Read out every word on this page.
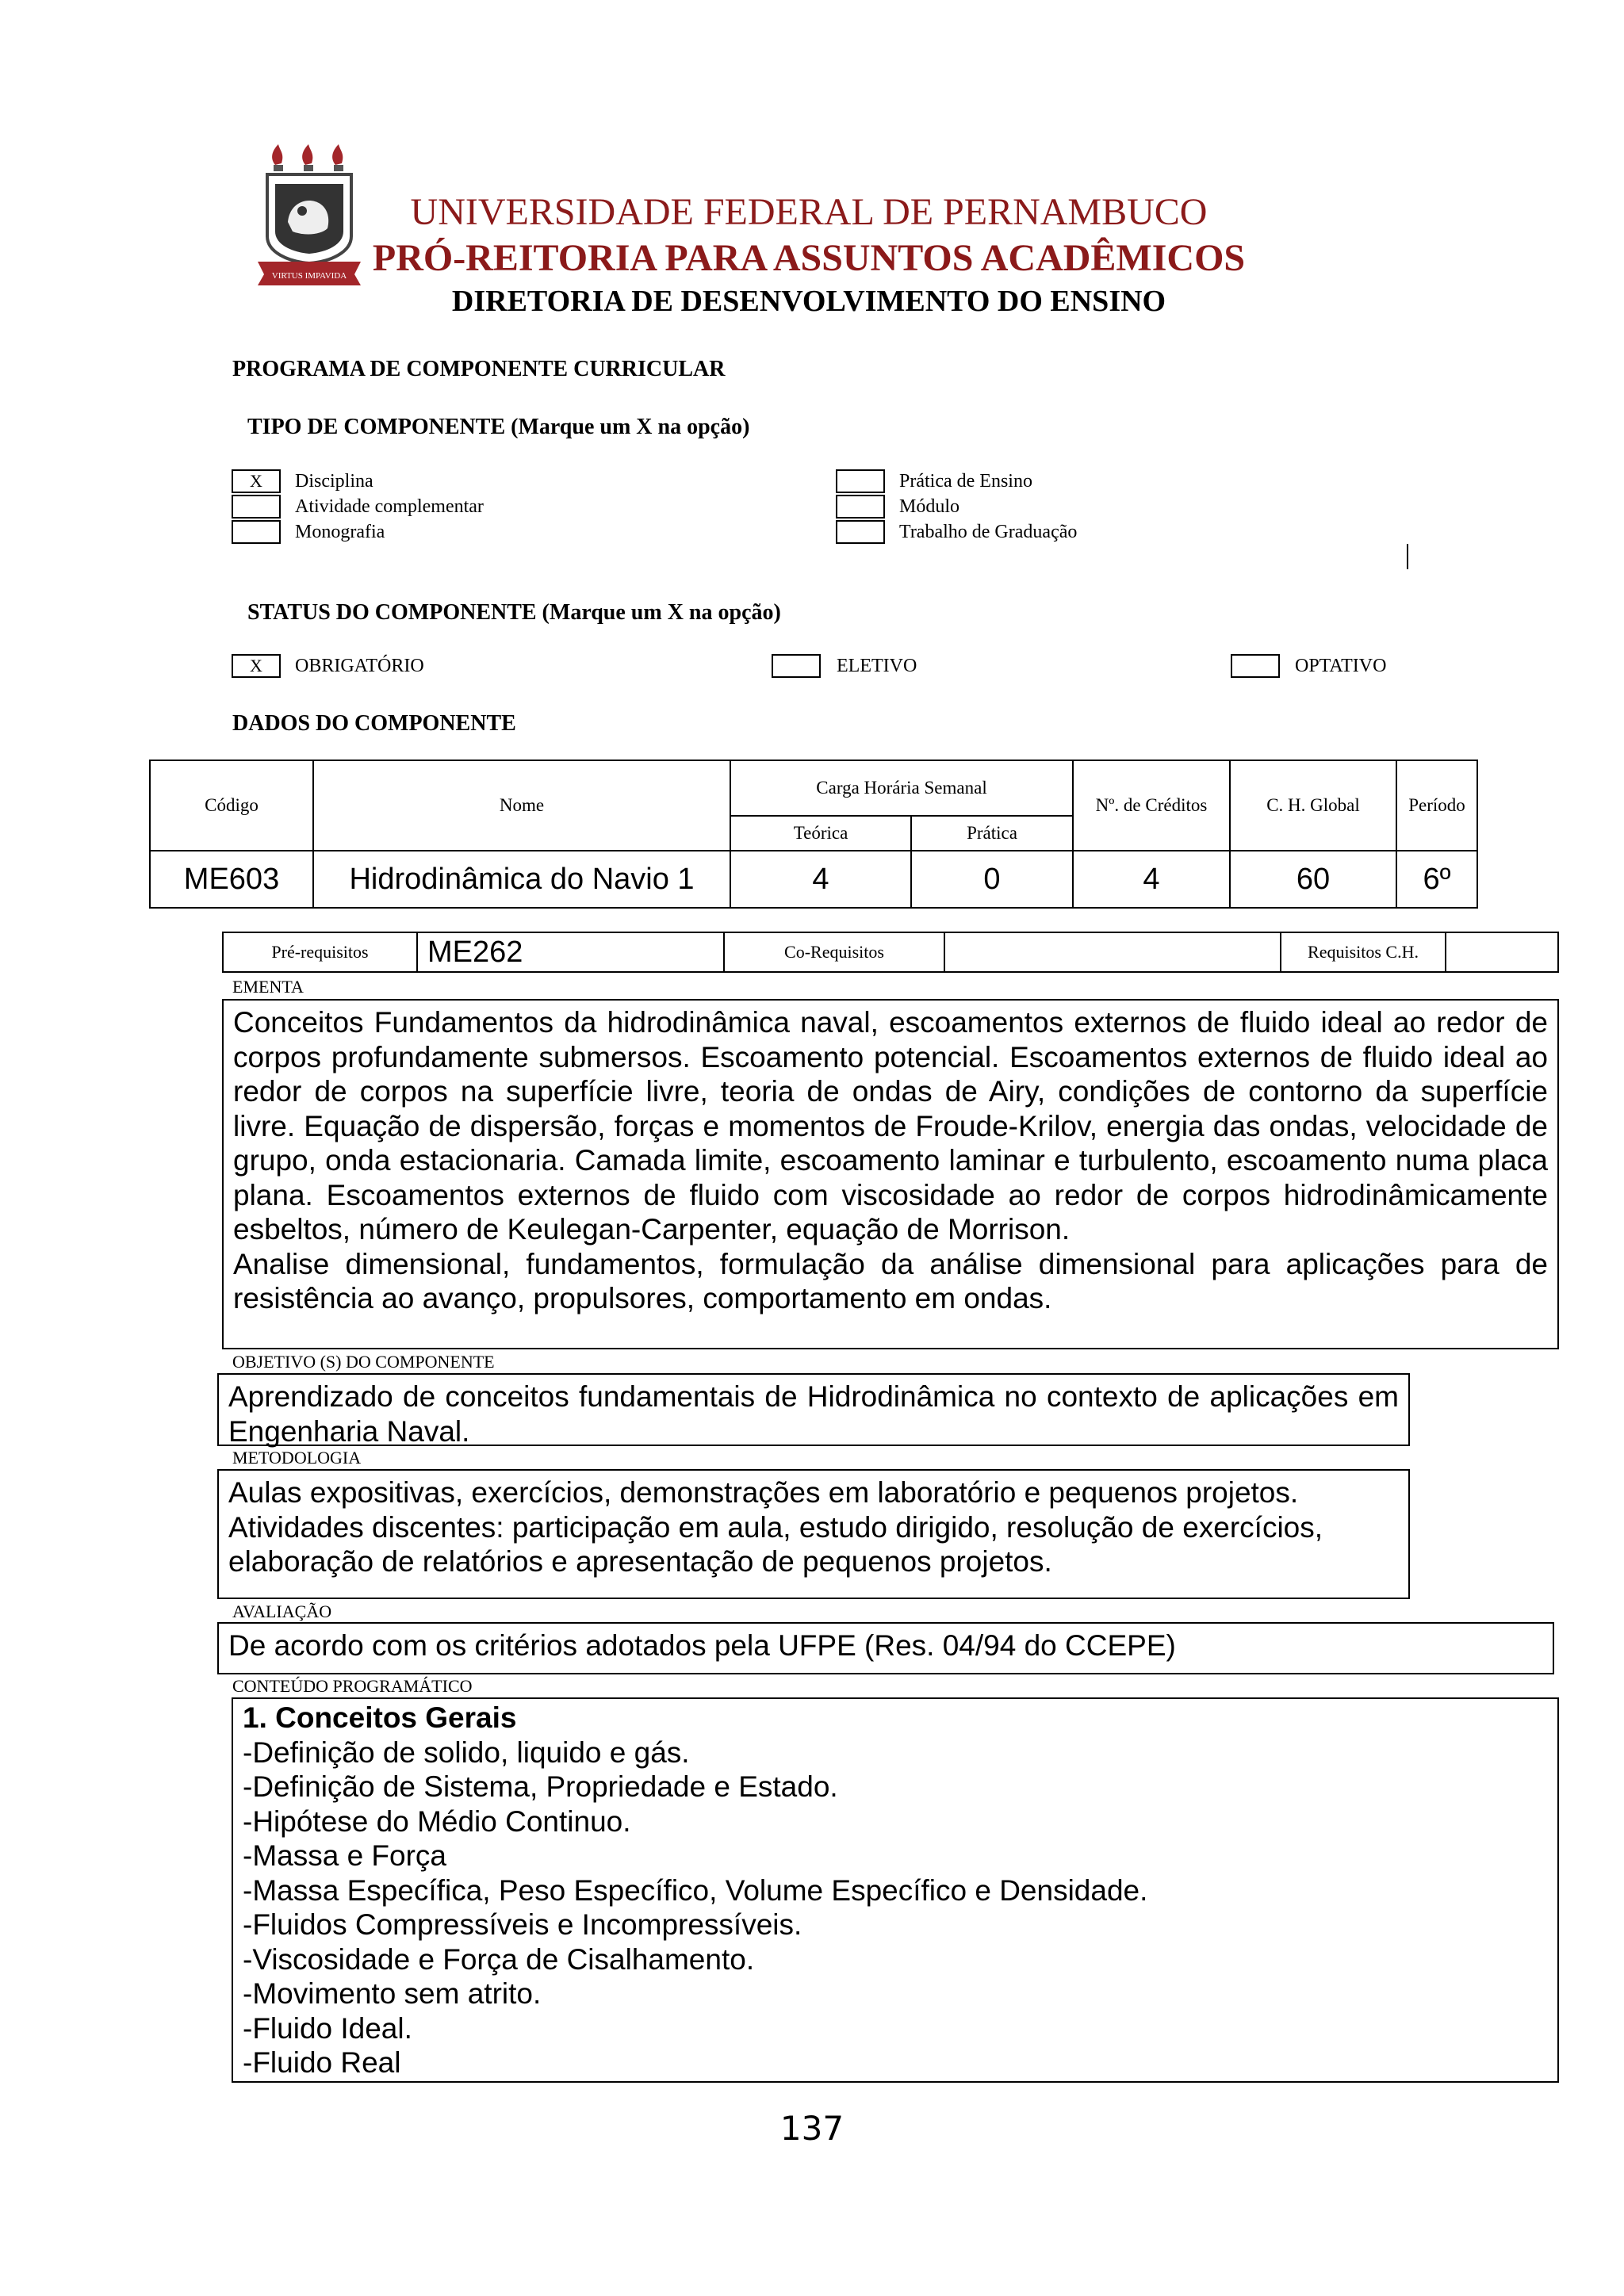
VIRTUS IMPAVIDA
UNIVERSIDADE FEDERAL DE PERNAMBUCO
PRÓ-REITORIA PARA ASSUNTOS ACADÊMICOS
DIRETORIA DE DESENVOLVIMENTO DO ENSINO
PROGRAMA DE COMPONENTE CURRICULAR
TIPO DE COMPONENTE (Marque um X na opção)
X	Disciplina
Atividade complementar
Monografia
Prática de Ensino
Módulo
Trabalho de Graduação
STATUS DO COMPONENTE (Marque um X na opção)
X	OBRIGATÓRIO	ELETIVO	OPTATIVO
DADOS DO COMPONENTE
Código	Nome	Carga Horária Semanal		Nº. de Créditos	C. H. Global	Período
		Teórica	Prática			
ME603	Hidrodinâmica do Navio 1	4	0	4	60	6º
Pré-requisitos	ME262	Co-Requisitos	Requisitos C.H.
EMENTA
Conceitos Fundamentos da hidrodinâmica naval, escoamentos externos de fluido ideal ao redor de corpos profundamente submersos. Escoamento potencial. Escoamentos externos de fluido ideal ao redor de corpos na superfície livre, teoria de ondas de Airy, condições de contorno da superfície livre. Equação de dispersão, forças e momentos de Froude-Krilov, energia das ondas, velocidade de grupo, onda estacionaria. Camada limite, escoamento laminar e turbulento, escoamento numa placa plana. Escoamentos externos de fluido com viscosidade ao redor de corpos hidrodinâmicamente esbeltos, número de Keulegan-Carpenter, equação de Morrison.
Analise dimensional, fundamentos, formulação da análise dimensional para aplicações para de resistência ao avanço, propulsores, comportamento em ondas.
OBJETIVO (S) DO COMPONENTE
Aprendizado de conceitos fundamentais de Hidrodinâmica no contexto de aplicações em Engenharia Naval.
METODOLOGIA
Aulas expositivas, exercícios, demonstrações em laboratório e pequenos projetos.
Atividades discentes: participação em aula, estudo dirigido, resolução de exercícios,
elaboração de relatórios e apresentação de pequenos projetos.
AVALIAÇÃO
De acordo com os critérios adotados pela UFPE (Res. 04/94 do CCEPE)
CONTEÚDO PROGRAMÁTICO
1. Conceitos Gerais
-Definição de solido, liquido e gás.
-Definição de Sistema, Propriedade e Estado.
-Hipótese do Médio Continuo.
-Massa e Força
-Massa Específica, Peso Específico, Volume Específico e Densidade.
-Fluidos Compressíveis e Incompressíveis.
-Viscosidade e Força de Cisalhamento.
-Movimento sem atrito.
-Fluido Ideal.
-Fluido Real
137
